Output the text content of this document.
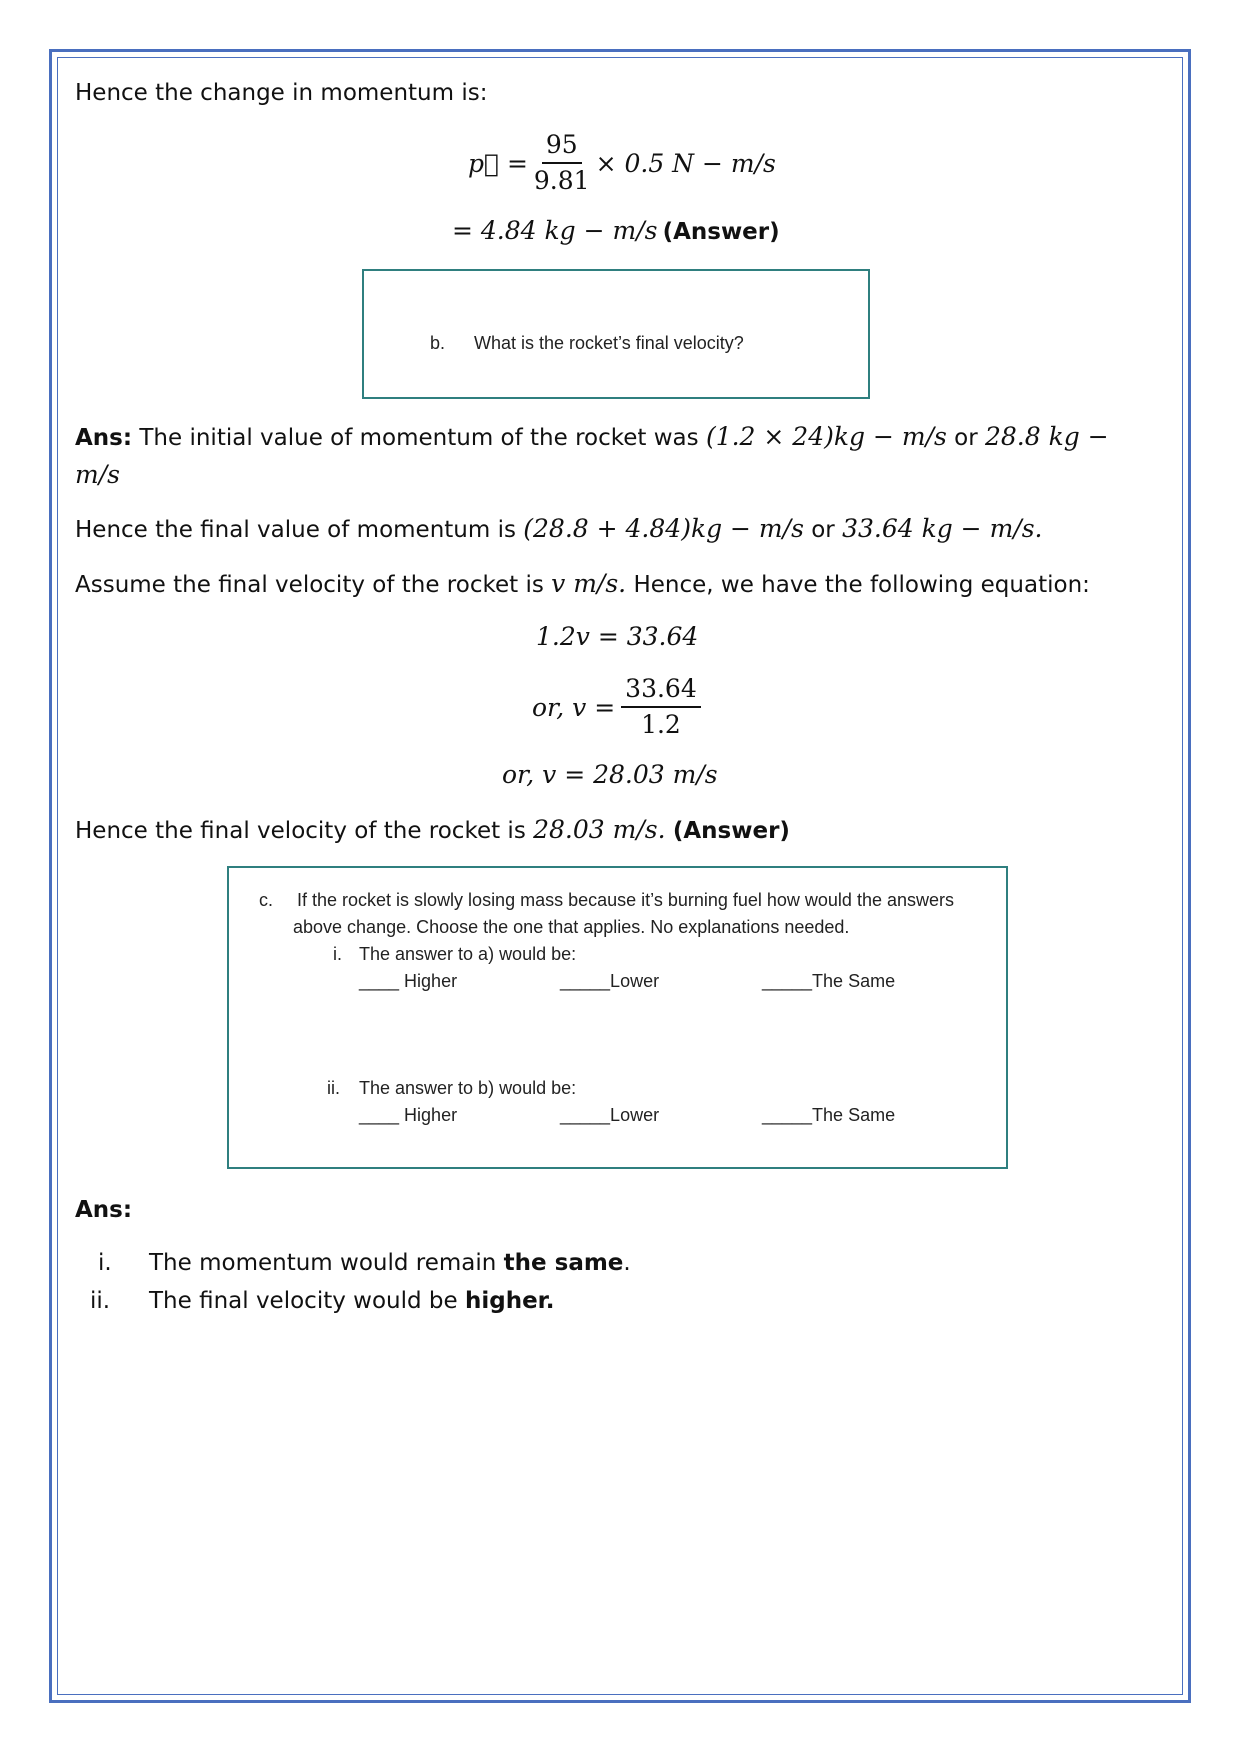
Hence the change in momentum is:
p⃗ = $\frac{95}{9.81} \times 0.5$ N − m/s
= 4.84 kg − m/s (Answer)
b. What is the rocket’s final velocity?
Ans: The initial value of momentum of the rocket was (1.2 × 24)kg − m/s or 28.8 kg −
m/s
Hence the final value of momentum is (28.8 + 4.84)kg − m/s or 33.64 kg − m/s.
Assume the final velocity of the rocket is v m/s. Hence, we have the following equation:
1.2v = 33.64
or, $v = \frac{33.64}{1.2}$
or, v = 28.03 m/s
Hence the final velocity of the rocket is 28.03 m/s. (Answer)
c. If the rocket is slowly losing mass because it’s burning fuel how would the answers
above change. Choose the one that applies. No explanations needed.
i. The answer to a) would be:
____ Higher	_____Lower	_____The Same
ii. The answer to b) would be:
____ Higher	_____Lower	_____The Same
Ans:
i. The momentum would remain the same.
ii. The final velocity would be higher.
